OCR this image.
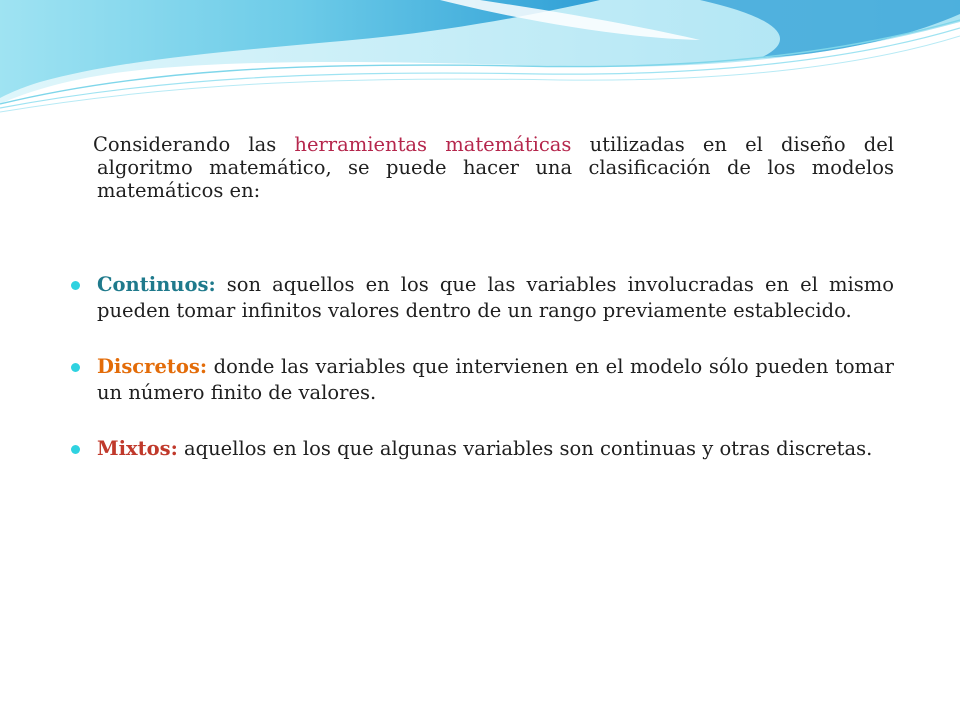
Considerando las herramientas matemáticas utilizadas en el diseño del algoritmo matemático, se puede hacer una clasificación de los modelos matemáticos en:

Continuos: son aquellos en los que las variables involucradas en el mismo pueden tomar infinitos valores dentro de un rango previamente establecido.
Discretos: donde las variables que intervienen en el modelo sólo pueden tomar un número finito de valores.
Mixtos: aquellos en los que algunas variables son continuas y otras discretas.
